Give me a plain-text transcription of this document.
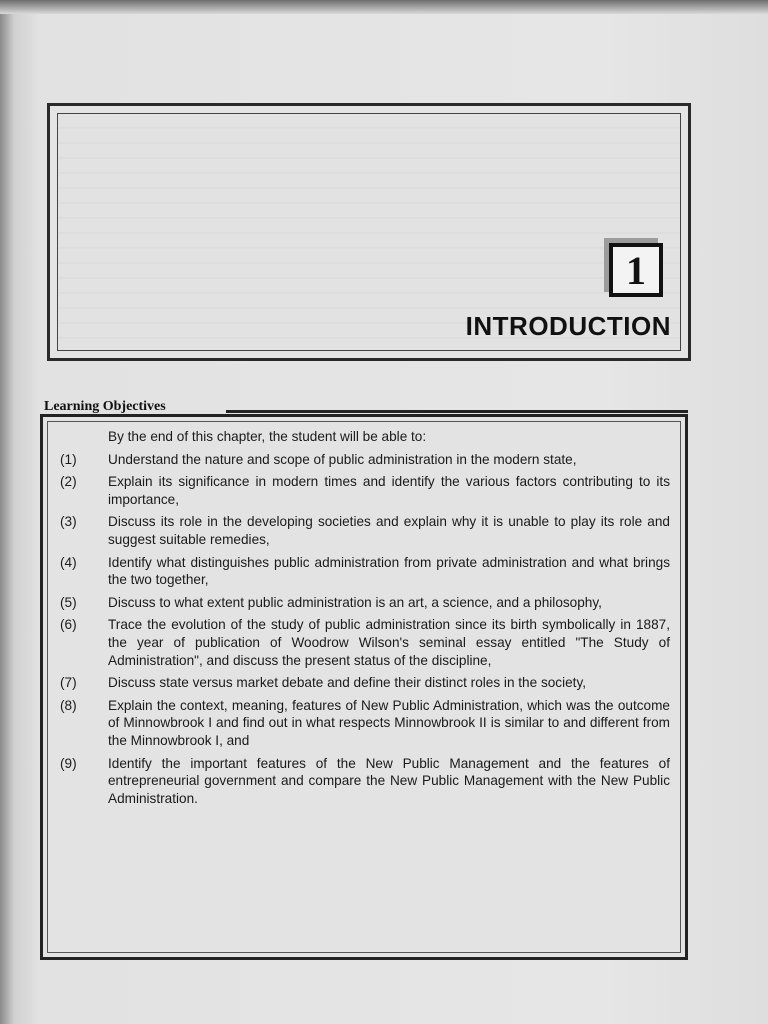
1
INTRODUCTION
Learning Objectives
By the end of this chapter, the student will be able to:
(1)	Understand the nature and scope of public administration in the modern state,
(2)	Explain its significance in modern times and identify the various factors contributing to its importance,
(3)	Discuss its role in the developing societies and explain why it is unable to play its role and suggest suitable remedies,
(4)	Identify what distinguishes public administration from private administration and what brings the two together,
(5)	Discuss to what extent public administration is an art, a science, and a philosophy,
(6)	Trace the evolution of the study of public administration since its birth symbolically in 1887, the year of publication of Woodrow Wilson's seminal essay entitled "The Study of Administration", and discuss the present status of the discipline,
(7)	Discuss state versus market debate and define their distinct roles in the society,
(8)	Explain the context, meaning, features of New Public Administration, which was the outcome of Minnowbrook I and find out in what respects Minnowbrook II is similar to and different from the Minnowbrook I, and
(9)	Identify the important features of the New Public Management and the features of entrepreneurial government and compare the New Public Management with the New Public Administration.
